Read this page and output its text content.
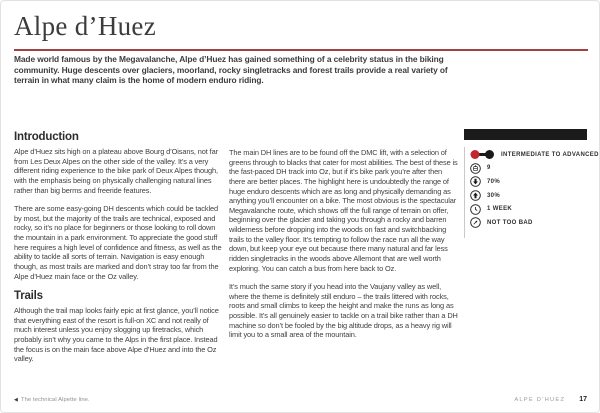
Alpe d’Huez

Made world famous by the Megavalanche, Alpe d’Huez has gained something of a celebrity status in the biking community. Huge descents over glaciers, moorland, rocky singletracks and forest trails provide a real variety of terrain in what many claim is the home of modern enduro riding.

Introduction

Alpe d’Huez sits high on a plateau above Bourg d’Oisans, not far from Les Deux Alpes on the other side of the valley. It’s a very different riding experience to the bike park of Deux Alpes though, with the emphasis being on physically challenging natural lines rather than big berms and freeride features.

There are some easy-going DH descents which could be tackled by most, but the majority of the trails are technical, exposed and rocky, so it’s no place for beginners or those looking to roll down the mountain in a park environment. To appreciate the good stuff here requires a high level of confidence and fitness, as well as the ability to tackle all sorts of terrain. Navigation is easy enough though, as most trails are marked and don’t stray too far from the Alpe d’Huez main face or the Oz valley.

Trails

Although the trail map looks fairly epic at first glance, you’ll notice that everything east of the resort is full-on XC and not really of much interest unless you enjoy slogging up firetracks, which probably isn’t why you came to the Alps in the first place. Instead the focus is on the main face above Alpe d’Huez and into the Oz valley.

The main DH lines are to be found off the DMC lift, with a selection of greens through to blacks that cater for most abilities. The best of these is the fast-paced DH track into Oz, but if it’s bike park you’re after then there are better places. The highlight here is undoubtedly the range of huge enduro descents which are as long and physically demanding as anything you’ll encounter on a bike. The most obvious is the spectacular Megavalanche route, which shows off the full range of terrain on offer, beginning over the glacier and taking you through a rocky and barren wilderness before dropping into the woods on fast and switchbacking trails to the valley floor. It’s tempting to follow the race run all the way down, but keep your eye out because there many natural and far less ridden singletracks in the woods above Allemont that are well worth exploring. You can catch a bus from here back to Oz.

It’s much the same story if you head into the Vaujany valley as well, where the theme is definitely still enduro – the trails littered with rocks, roots and small climbs to keep the height and make the runs as long as possible. It’s all genuinely easier to tackle on a trail bike rather than a DH machine so don’t be fooled by the big altitude drops, as a heavy rig will limit you to a small area of the mountain.

INTERMEDIATE TO ADVANCED
9
70%
30%
1 WEEK
NOT TOO BAD
◀ The technical Alpette line.	ALPE D’HUEZ 17
